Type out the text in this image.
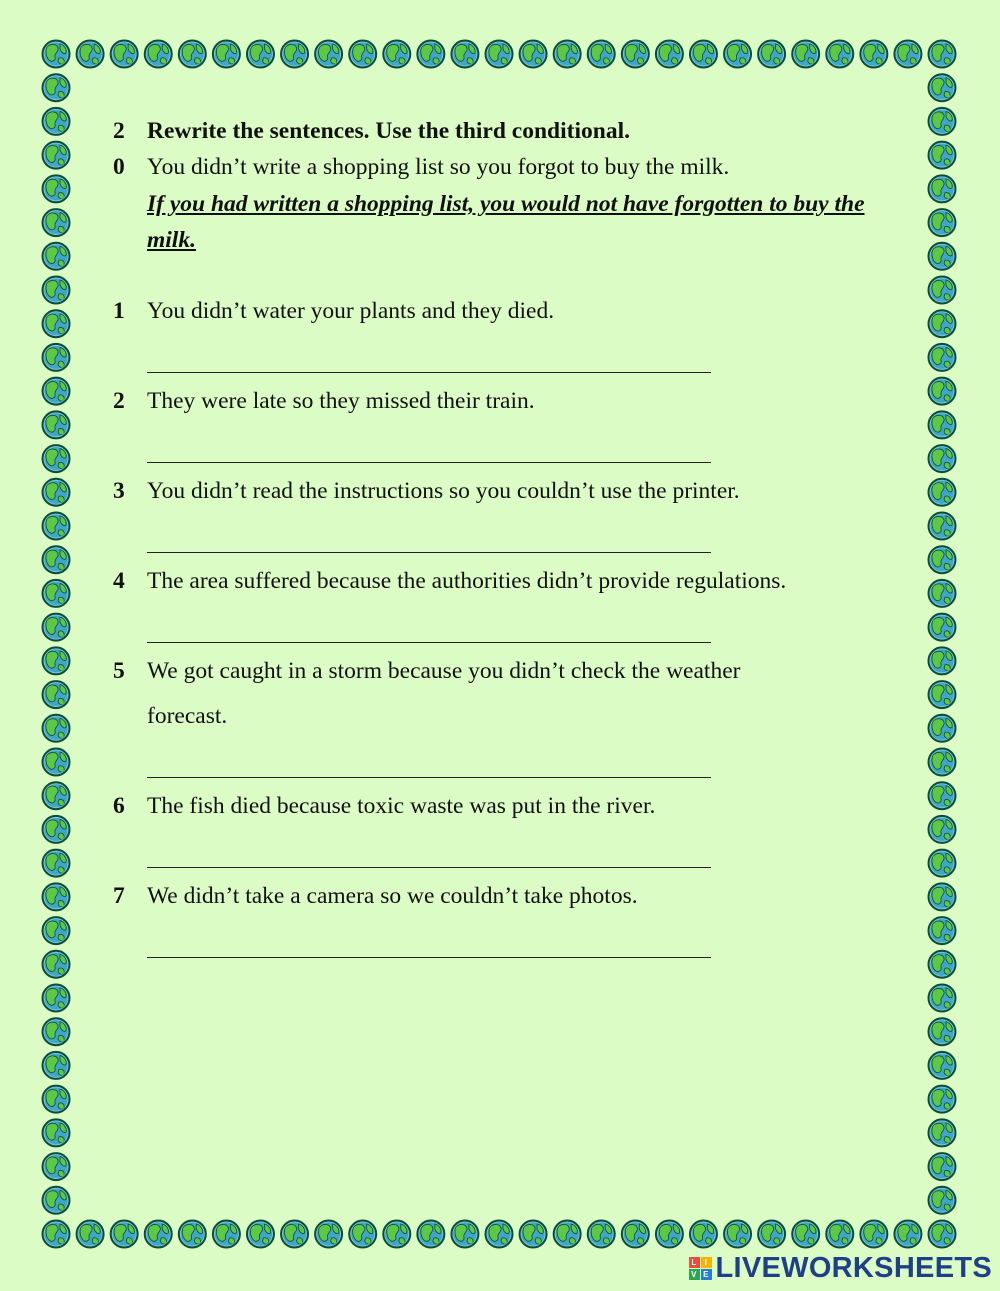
2 Rewrite the sentences. Use the third conditional.
0 You didn’t write a shopping list so you forgot to buy the milk.
If you had written a shopping list, you would not have forgotten to buy the milk.
1 You didn’t water your plants and they died.
2 They were late so they missed their train.
3 You didn’t read the instructions so you couldn’t use the printer.
4 The area suffered because the authorities didn’t provide regulations.
5 We got caught in a storm because you didn’t check the weather
forecast.
6 The fish died because toxic waste was put in the river.
7 We didn’t take a camera so we couldn’t take photos.
L	I
V E LIVEWORKSHEETS
